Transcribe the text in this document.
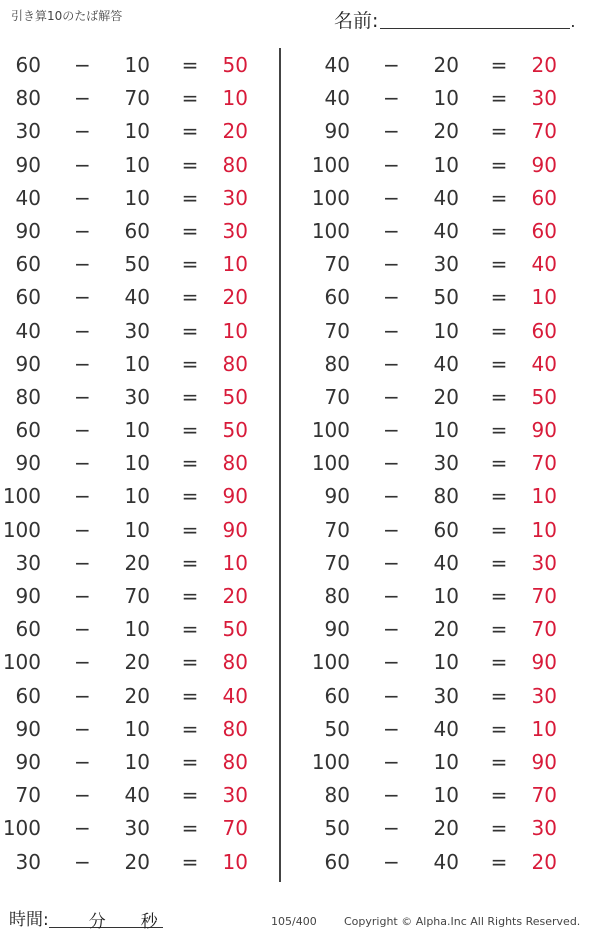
引き算10のたば解答	名前:	.
60 −	10 =	50
80 −	70 =	10
30 −	10 =	20
90 −	10 =	80
40 −	10 =	30
90 −	60 =	30
60 −	50 =	10
60 −	40 =	20
40 −	30 =	10
90 −	10 =	80
80 −	30 =	50
60 −	10 =	50
90 −	10 =	80
100 −	10 =	90
100 −	10 =	90
30 −	20 =	10
90 −	70 =	20
60 −	10 =	50
100 −	20 =	80
60 −	20 =	40
90 −	10 =	80
90 −	10 =	80
70 −	40 =	30
100 −	30 =	70
30 −	20 =	10
40 −	20 =	20
40 −	10 =	30
90 −	20 =	70
100 −	10 =	90
100 −	40 =	60
100 −	40 =	60
70 −	30 =	40
60 −	50 =	10
70 −	10 =	60
80 −	40 =	40
70 −	20 =	50
100 −	10 =	90
100 −	30 =	70
90 −	80 =	10
70 −	60 =	10
70 −	40 =	30
80 −	10 =	70
90 −	20 =	70
100 −	10 =	90
60 −	30 =	30
50 −	40 =	10
100 −	10 =	90
80 −	10 =	70
50 −	20 =	30
60 −	40 =	20
時間: 分 秒	105/400 Copyright © Alpha.Inc All Rights Reserved.
